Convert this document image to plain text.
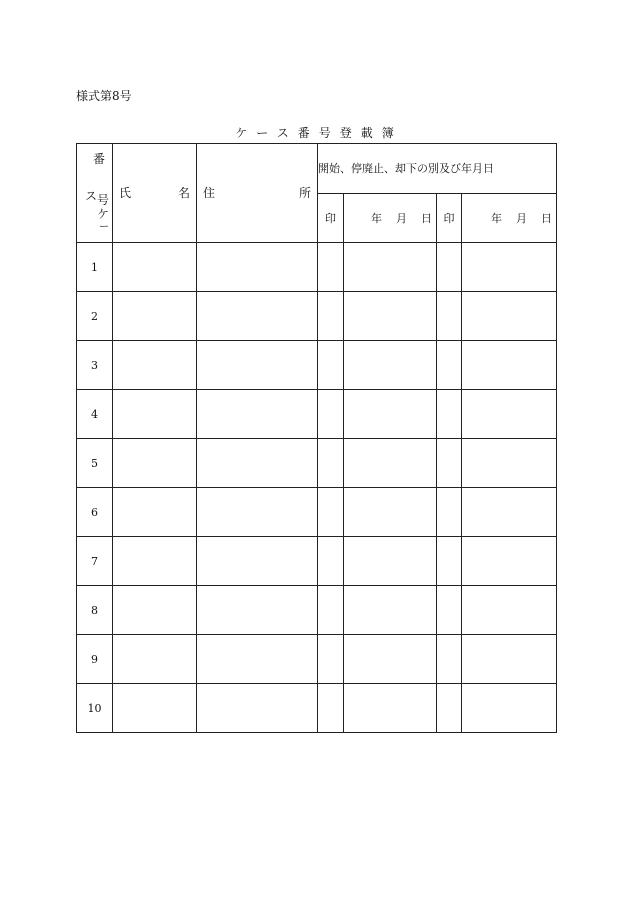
様式第8号
ケース番号登載簿
番
ス 号
ケ
ー	氏 名	住 所	開始、停廃止、却下の別及び年月日			
			印	年 月 日	印	年 月 日

1						
2						
3						
4						
5						
6						
7						
8						
9						
10						
